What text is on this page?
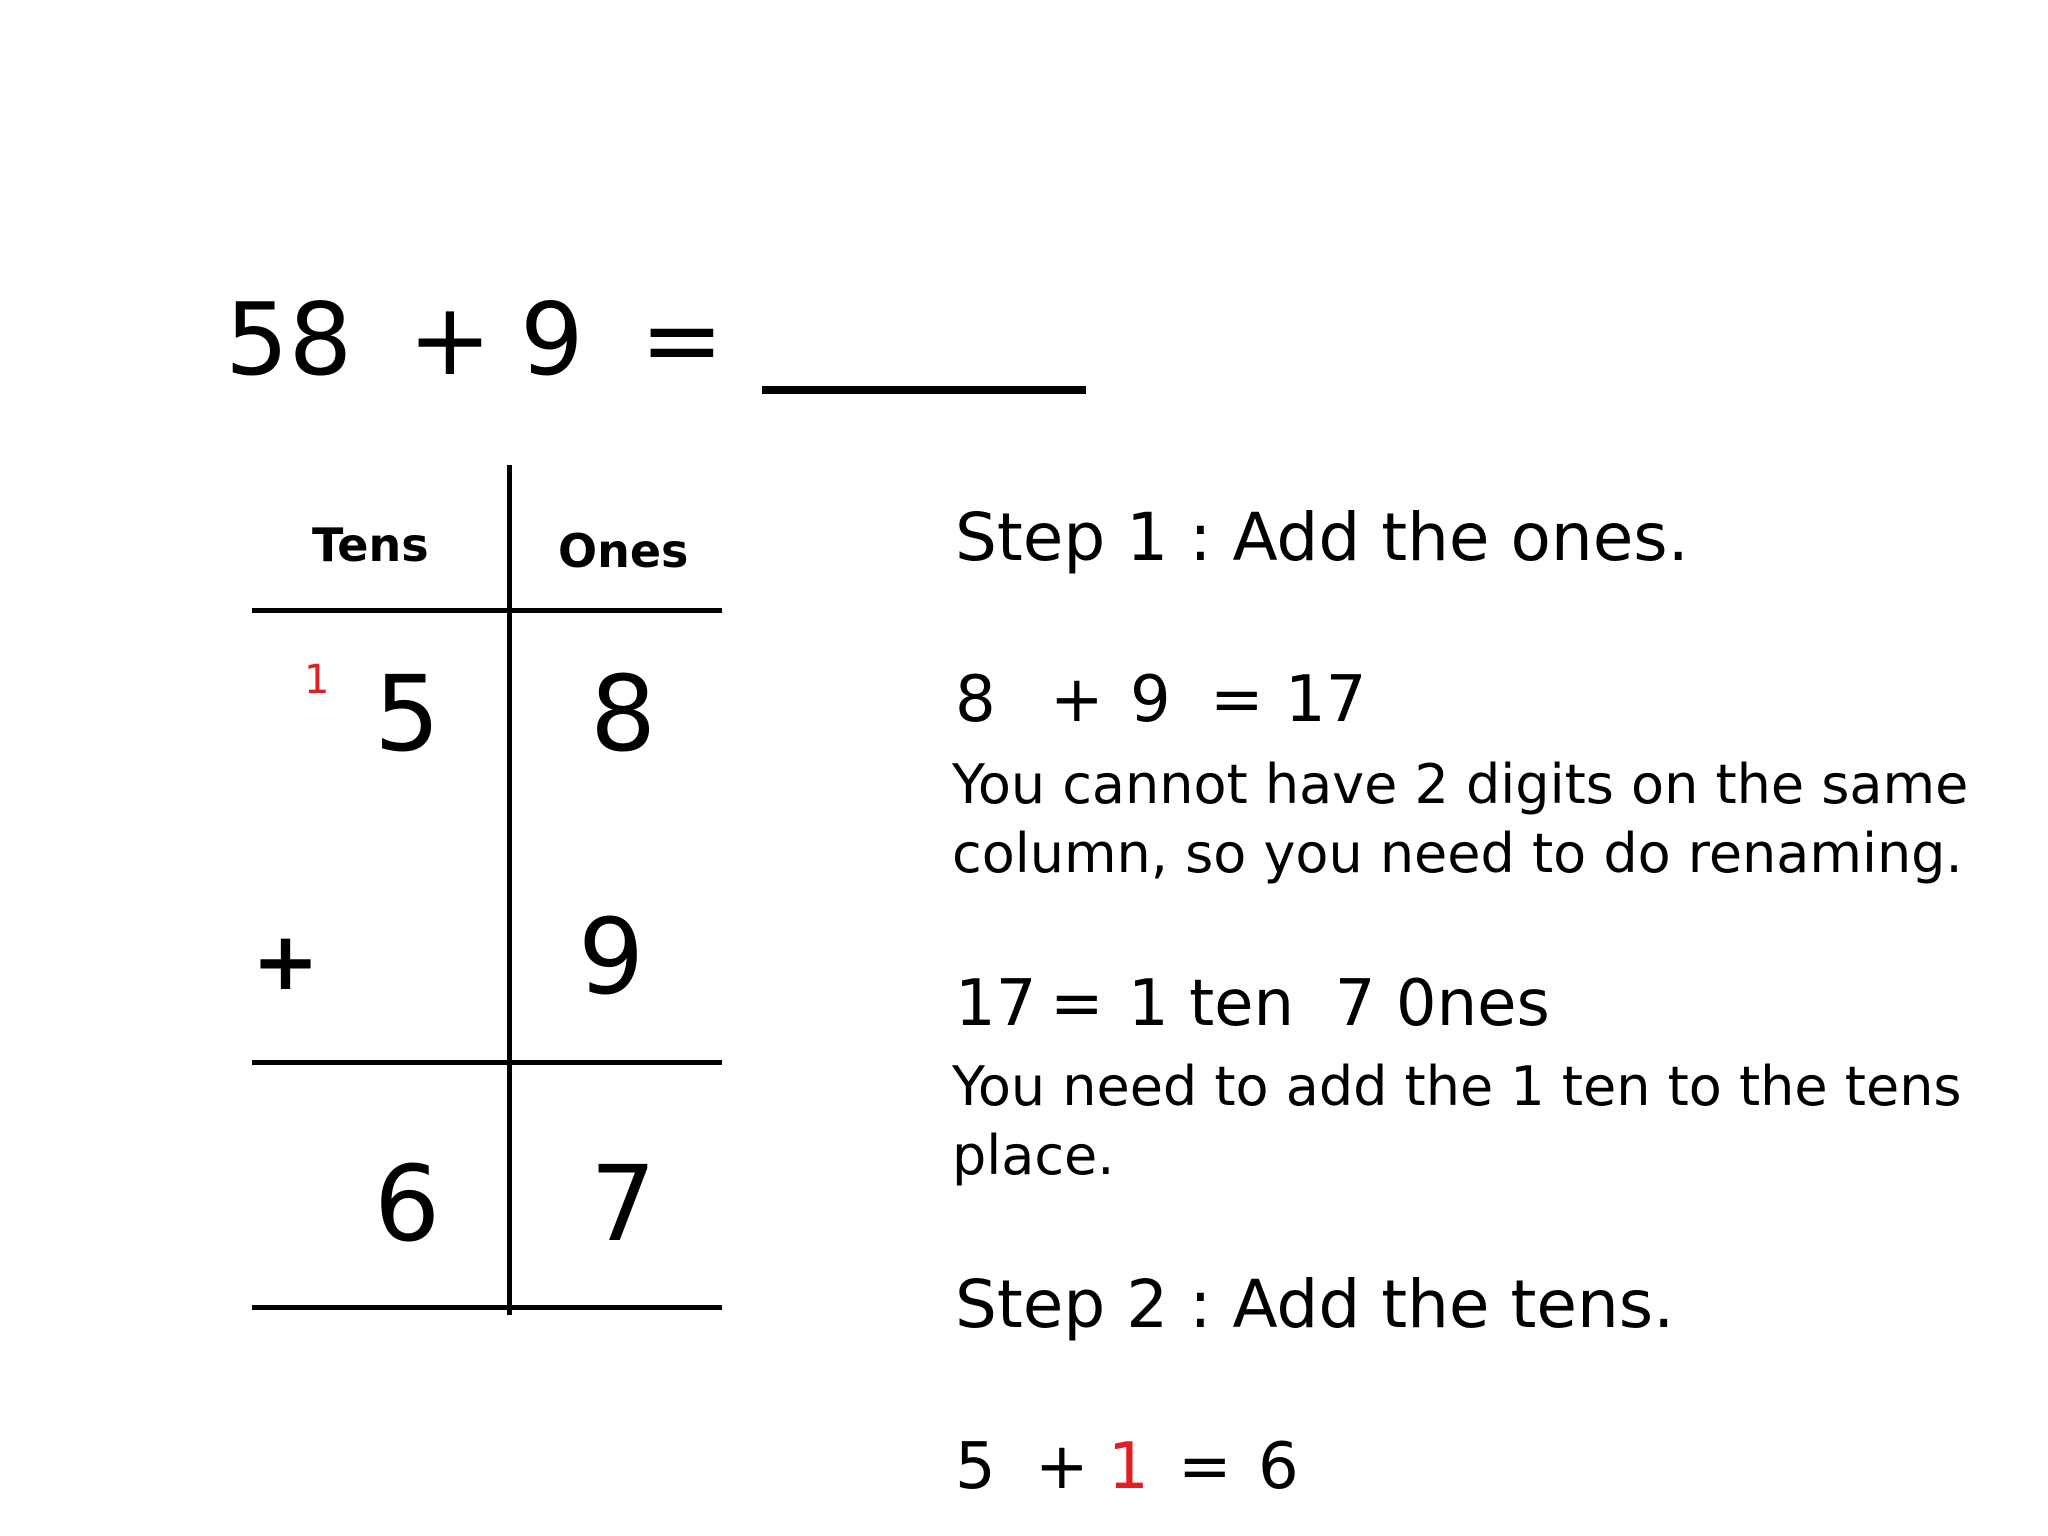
58 + 9 =
Tens	Ones
1 5 8
+ 9
6 7
Step 1 : Add the ones.
8 + 9 = 17
You cannot have 2 digits on the same column, so you need to do renaming.
17 = 1 ten  7 0nes
You need to add the 1 ten to the tens place.
Step 2 : Add the tens.
5 + 1 = 6
